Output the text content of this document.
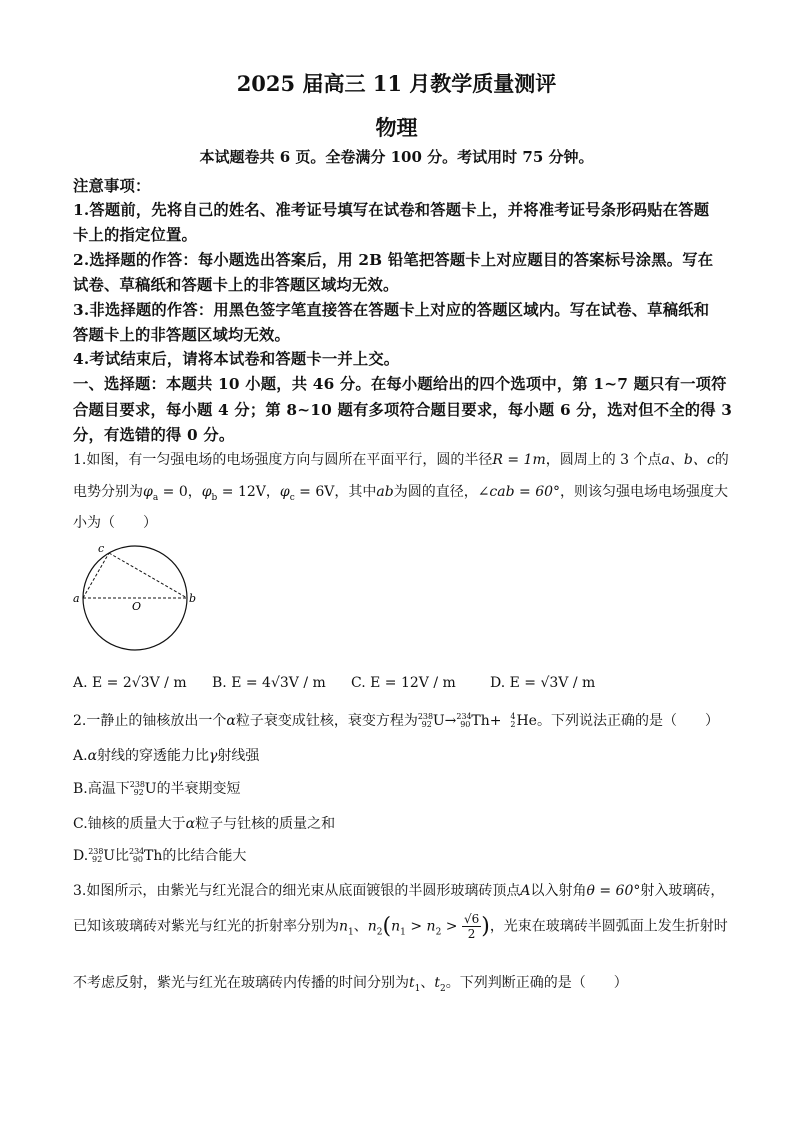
2025 届高三 11 月教学质量测评
物理
本试题卷共 6 页。全卷满分 100 分。考试用时 75 分钟。
注意事项：
1.答题前，先将自己的姓名、准考证号填写在试卷和答题卡上，并将准考证号条形码贴在答题
卡上的指定位置。
2.选择题的作答：每小题选出答案后，用 2B 铅笔把答题卡上对应题目的答案标号涂黑。写在
试卷、草稿纸和答题卡上的非答题区域均无效。
3.非选择题的作答：用黑色签字笔直接答在答题卡上对应的答题区域内。写在试卷、草稿纸和
答题卡上的非答题区域均无效。
4.考试结束后，请将本试卷和答题卡一并上交。
一、选择题：本题共 10 小题，共 46 分。在每小题给出的四个选项中，第 1~7 题只有一项符
合题目要求，每小题 4 分；第 8~10 题有多项符合题目要求，每小题 6 分，选对但不全的得 3
分，有选错的得 0 分。
1.如图，有一匀强电场的电场强度方向与圆所在平面平行，圆的半径R = 1m，圆周上的 3 个点a、b、c的
电势分别为$\varphi_a = 0$，$\varphi_b = 12V$，$\varphi_c = 6V$，其中ab为圆的直径，∠cab = 60°，则该匀强电场电场强度大
小为（　　）
c
a
O
b
A. E = 2√3V / m B. E = 4√3V / m C. E = 12V / m D. E = √3V / m
2.一静止的铀核放出一个α粒子衰变成钍核，衰变方程为 238
92 U→ 234
90 Th+	4
2 He。下列说法正确的是（　　）
A.α射线的穿透能力比γ射线强
B.高温下 238
92 U的半衰期变短
C.铀核的质量大于α粒子与钍核的质量之和
D. 238
92 U比 234
90 Th的比结合能大
3.如图所示，由紫光与红光混合的细光束从底面镀银的半圆形玻璃砖顶点A以入射角θ = 60°射入玻璃砖，
已知该玻璃砖对紫光与红光的折射率分别为$n_1$、$n_2(n_1 > n_2 > \frac{√6}{2}$ )，光束在玻璃砖半圆弧面上发生折射时
不考虑反射，紫光与红光在玻璃砖内传播的时间分别为$t_1$、$t_2$。下列判断正确的是（　　）
